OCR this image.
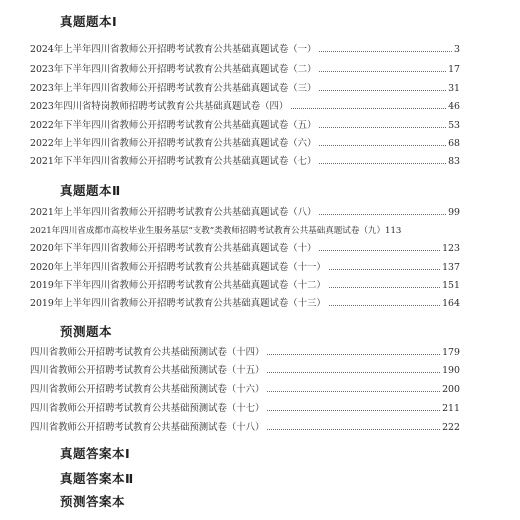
真题题本Ⅰ
2024年上半年四川省教师公开招聘考试教育公共基础真题试卷（一）	3
2023年下半年四川省教师公开招聘考试教育公共基础真题试卷（二）	17
2023年上半年四川省教师公开招聘考试教育公共基础真题试卷（三）	31
2023年四川省特岗教师招聘考试教育公共基础真题试卷（四）	46
2022年下半年四川省教师公开招聘考试教育公共基础真题试卷（五）	53
2022年上半年四川省教师公开招聘考试教育公共基础真题试卷（六）	68
2021年下半年四川省教师公开招聘考试教育公共基础真题试卷（七）	83
真题题本Ⅱ
2021年上半年四川省教师公开招聘考试教育公共基础真题试卷（八）	99
2021年四川省成都市高校毕业生服务基层“支教”类教师招聘考试教育公共基础真题试卷（九） 113
2020年下半年四川省教师公开招聘考试教育公共基础真题试卷（十）	123
2020年上半年四川省教师公开招聘考试教育公共基础真题试卷（十一）	137
2019年下半年四川省教师公开招聘考试教育公共基础真题试卷（十二）	151
2019年上半年四川省教师公开招聘考试教育公共基础真题试卷（十三）	164
预测题本
四川省教师公开招聘考试教育公共基础预测试卷（十四）	179
四川省教师公开招聘考试教育公共基础预测试卷（十五）	190
四川省教师公开招聘考试教育公共基础预测试卷（十六）	200
四川省教师公开招聘考试教育公共基础预测试卷（十七）	211
四川省教师公开招聘考试教育公共基础预测试卷（十八）	222
真题答案本Ⅰ
真题答案本Ⅱ
预测答案本
